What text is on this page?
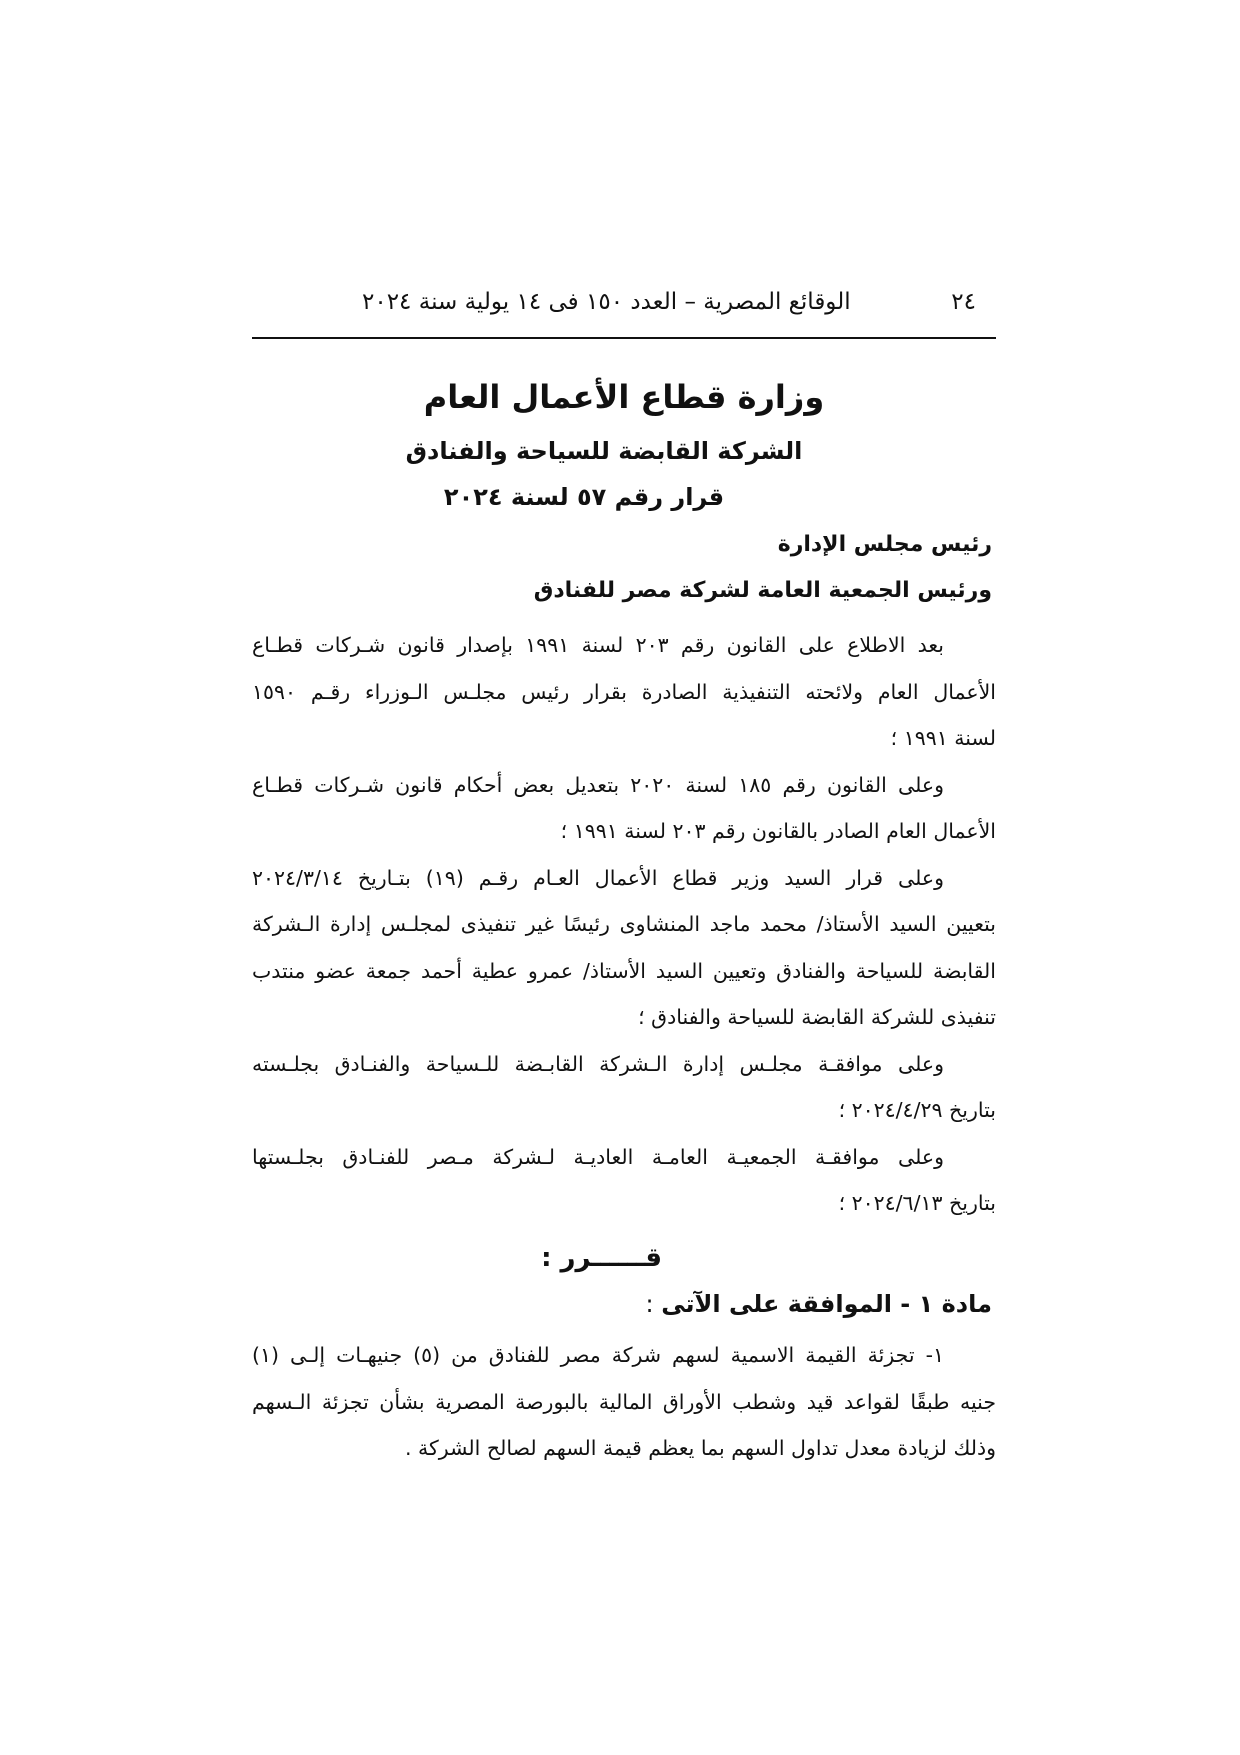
٢٤
الوقائع المصرية – العدد ١٥٠ فى ١٤ يولية سنة ٢٠٢٤
وزارة قطاع الأعمال العام
الشركة القابضة للسياحة والفنادق
قرار رقم ٥٧ لسنة ٢٠٢٤
رئيس مجلس الإدارة
ورئيس الجمعية العامة لشركة مصر للفنادق

بعد الاطلاع على القانون رقم ٢٠٣ لسنة ١٩٩١ بإصدار قانون شـركات قطـاع
الأعمال العام ولائحته التنفيذية الصادرة بقرار رئيس مجلـس الـوزراء رقـم ١٥٩٠
لسنة ١٩٩١ ؛

وعلى القانون رقم ١٨٥ لسنة ٢٠٢٠ بتعديل بعض أحكام قانون شـركات قطـاع
الأعمال العام الصادر بالقانون رقم ٢٠٣ لسنة ١٩٩١ ؛

وعلى قرار السيد وزير قطاع الأعمال العـام رقـم (١٩) بتـاريخ ٢٠٢٤/٣/١٤
بتعيين السيد الأستاذ/ محمد ماجد المنشاوى رئيسًا غير تنفيذى لمجلـس إدارة الـشركة
القابضة للسياحة والفنادق وتعيين السيد الأستاذ/ عمرو عطية أحمد جمعة عضو منتدب
تنفيذى للشركة القابضة للسياحة والفنادق ؛

وعلى موافقـة مجلـس إدارة الـشركة القابـضة للـسياحة والفنـادق بجلـسته
بتاريخ ٢٠٢٤/٤/٢٩ ؛

وعلى موافقـة الجمعيـة العامـة العاديـة لـشركة مـصر للفنـادق بجلـستها
بتاريخ ٢٠٢٤/٦/١٣ ؛

قــــــرر :
مادة ١ - الموافقة على الآتى :
١- تجزئة القيمة الاسمية لسهم شركة مصر للفنادق من (٥) جنيهـات إلـى (١)
جنيه طبقًا لقواعد قيد وشطب الأوراق المالية بالبورصة المصرية بشأن تجزئة الـسهم
وذلك لزيادة معدل تداول السهم بما يعظم قيمة السهم لصالح الشركة .
